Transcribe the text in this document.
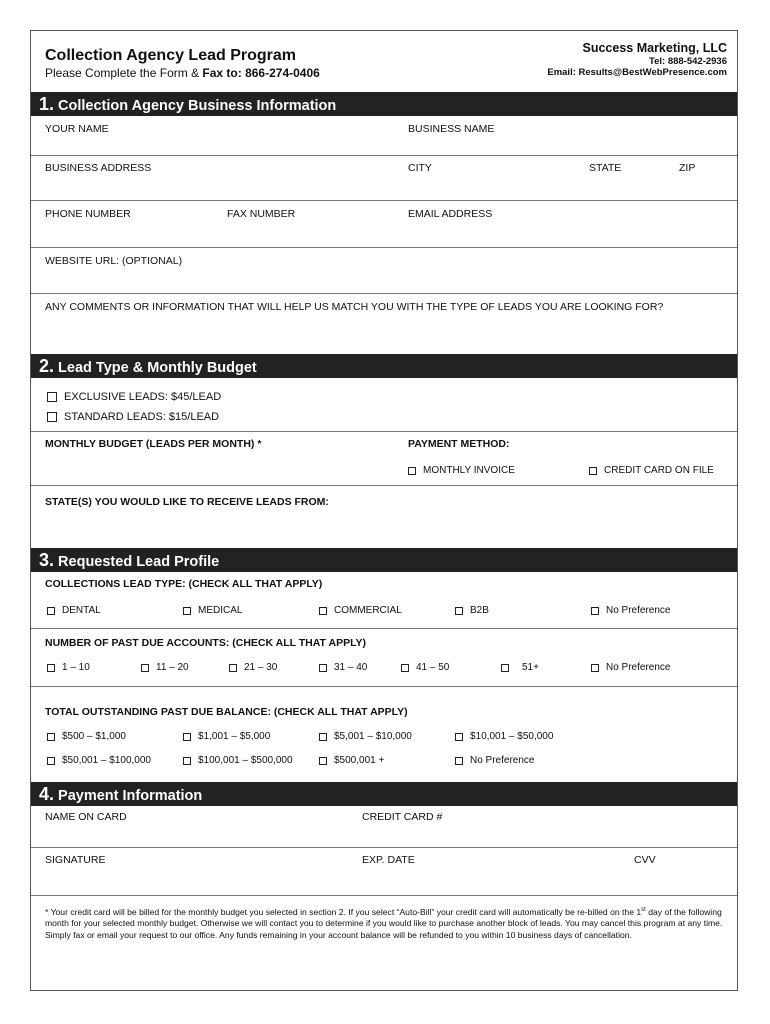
Collection Agency Lead Program
Please Complete the Form & Fax to: 866-274-0406
Success Marketing, LLC
Tel: 888-542-2936
Email: Results@BestWebPresence.com
1. Collection Agency Business Information
YOUR NAME	BUSINESS NAME
BUSINESS ADDRESS	CITY	STATE	ZIP
PHONE NUMBER	FAX NUMBER	EMAIL ADDRESS
WEBSITE URL: (OPTIONAL)
ANY COMMENTS OR INFORMATION THAT WILL HELP US MATCH YOU WITH THE TYPE OF LEADS YOU ARE LOOKING FOR?
2. Lead Type & Monthly Budget
EXCLUSIVE LEADS: $45/LEAD
STANDARD LEADS: $15/LEAD
MONTHLY BUDGET (LEADS PER MONTH) *	PAYMENT METHOD:
MONTHLY INVOICE	CREDIT CARD ON FILE
STATE(S) YOU WOULD LIKE TO RECEIVE LEADS FROM:
3. Requested Lead Profile
COLLECTIONS LEAD TYPE: (CHECK ALL THAT APPLY)
DENTAL	MEDICAL	COMMERCIAL	B2B	No Preference
NUMBER OF PAST DUE ACCOUNTS: (CHECK ALL THAT APPLY)
1 – 10	11 – 20	21 – 30	31 – 40	41 – 50	51+	No Preference
TOTAL OUTSTANDING PAST DUE BALANCE: (CHECK ALL THAT APPLY)
$500 – $1,000	$1,001 – $5,000	$5,001 – $10,000	$10,001 – $50,000
$50,001 – $100,000	$100,001 – $500,000	$500,001 +	No Preference
4. Payment Information
NAME ON CARD	CREDIT CARD #
SIGNATURE	EXP. DATE	CVV
* Your credit card will be billed for the monthly budget you selected in section 2. If you select “Auto-Bill” your credit card will automatically be re-billed on the 1st day of the following month for your selected monthly budget. Otherwise we will contact you to determine if you would like to purchase another block of leads. You may cancel this program at any time. Simply fax or email your request to our office. Any funds remaining in your account balance will be refunded to you within 10 business days of cancellation.
